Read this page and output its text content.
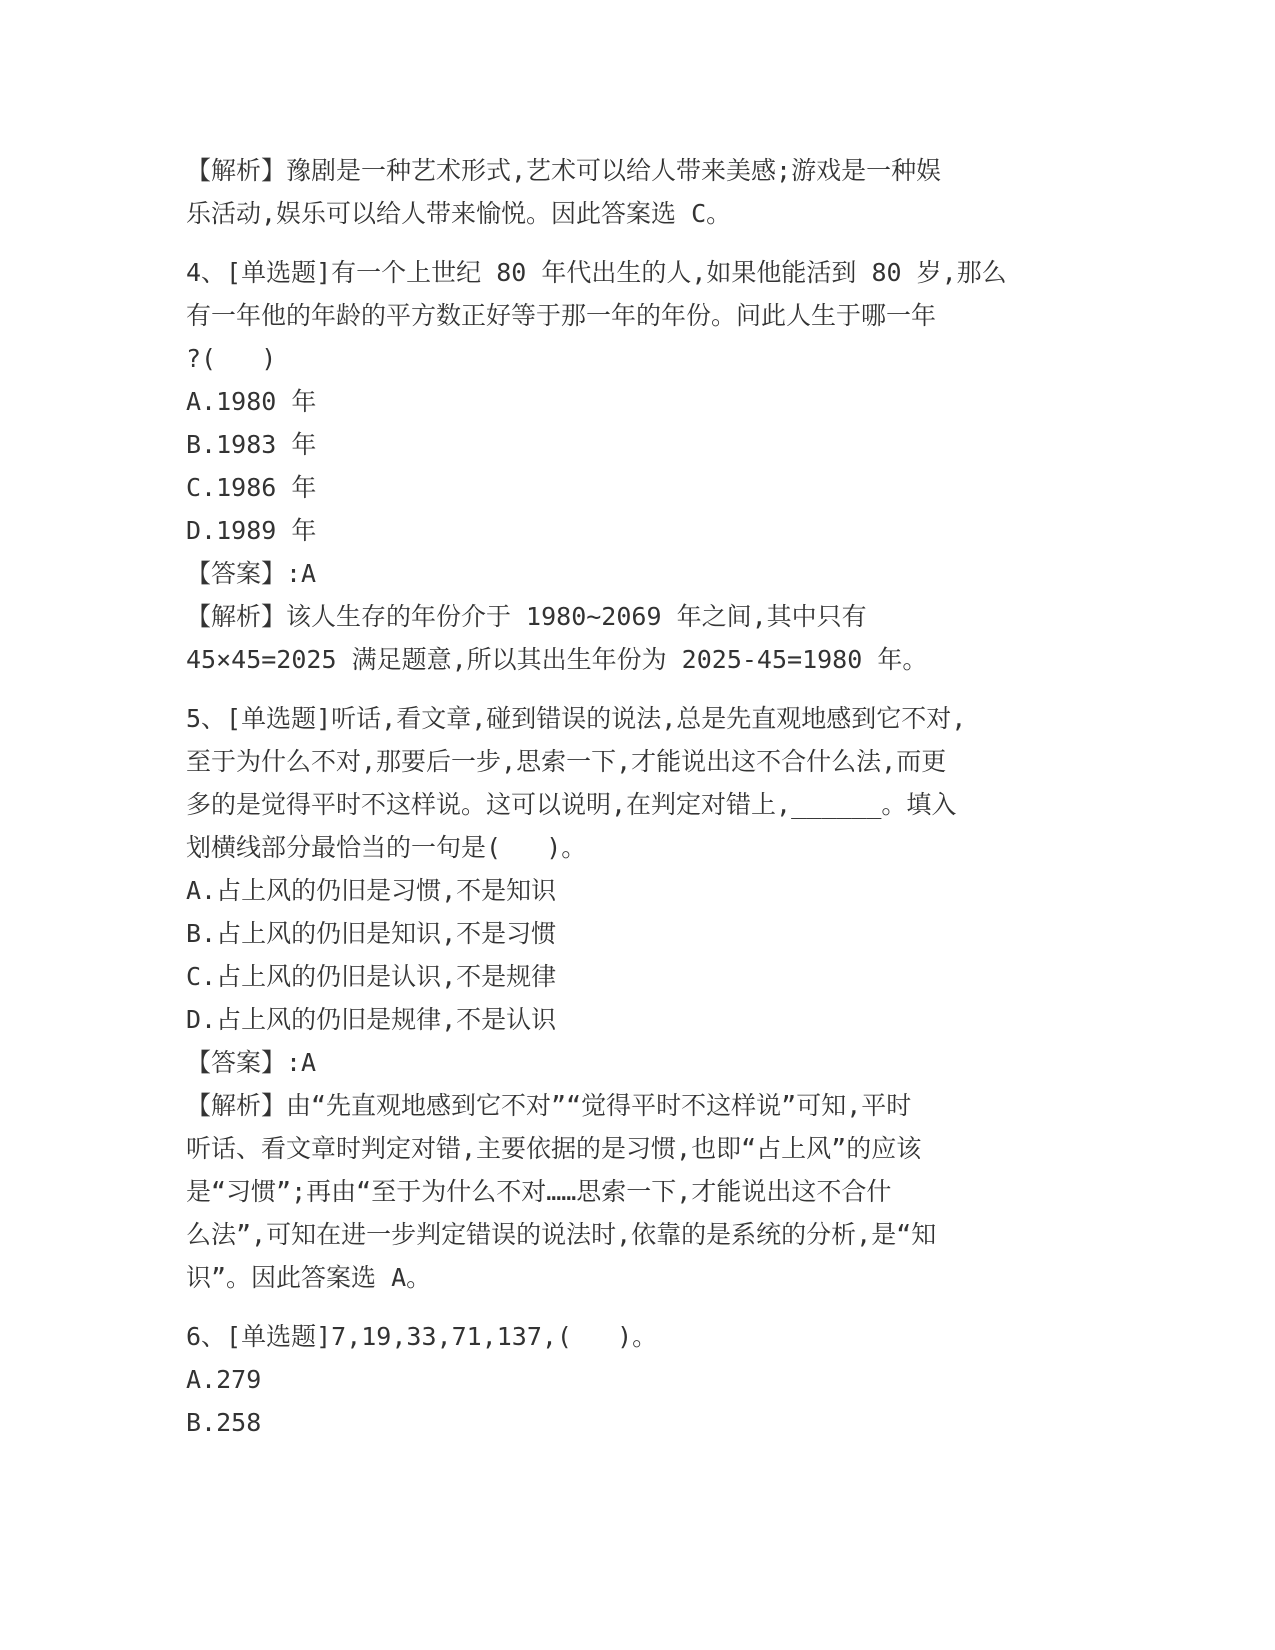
【解析】豫剧是一种艺术形式,艺术可以给人带来美感;游戏是一种娱
乐活动,娱乐可以给人带来愉悦。因此答案选 C。
4、[单选题]有一个上世纪 80 年代出生的人,如果他能活到 80 岁,那么
有一年他的年龄的平方数正好等于那一年的年份。问此人生于哪一年
?(   )
A.1980 年
B.1983 年
C.1986 年
D.1989 年
【答案】:A
【解析】该人生存的年份介于 1980~2069 年之间,其中只有
45×45=2025 满足题意,所以其出生年份为 2025-45=1980 年。
5、[单选题]听话,看文章,碰到错误的说法,总是先直观地感到它不对,
至于为什么不对,那要后一步,思索一下,才能说出这不合什么法,而更
多的是觉得平时不这样说。这可以说明,在判定对错上,______。填入
划横线部分最恰当的一句是(   )。
A.占上风的仍旧是习惯,不是知识
B.占上风的仍旧是知识,不是习惯
C.占上风的仍旧是认识,不是规律
D.占上风的仍旧是规律,不是认识
【答案】:A
【解析】由“先直观地感到它不对”“觉得平时不这样说”可知,平时
听话、看文章时判定对错,主要依据的是习惯,也即“占上风”的应该
是“习惯”;再由“至于为什么不对……思索一下,才能说出这不合什
么法”,可知在进一步判定错误的说法时,依靠的是系统的分析,是“知
识”。因此答案选 A。
6、[单选题]7,19,33,71,137,(   )。
A.279
B.258
